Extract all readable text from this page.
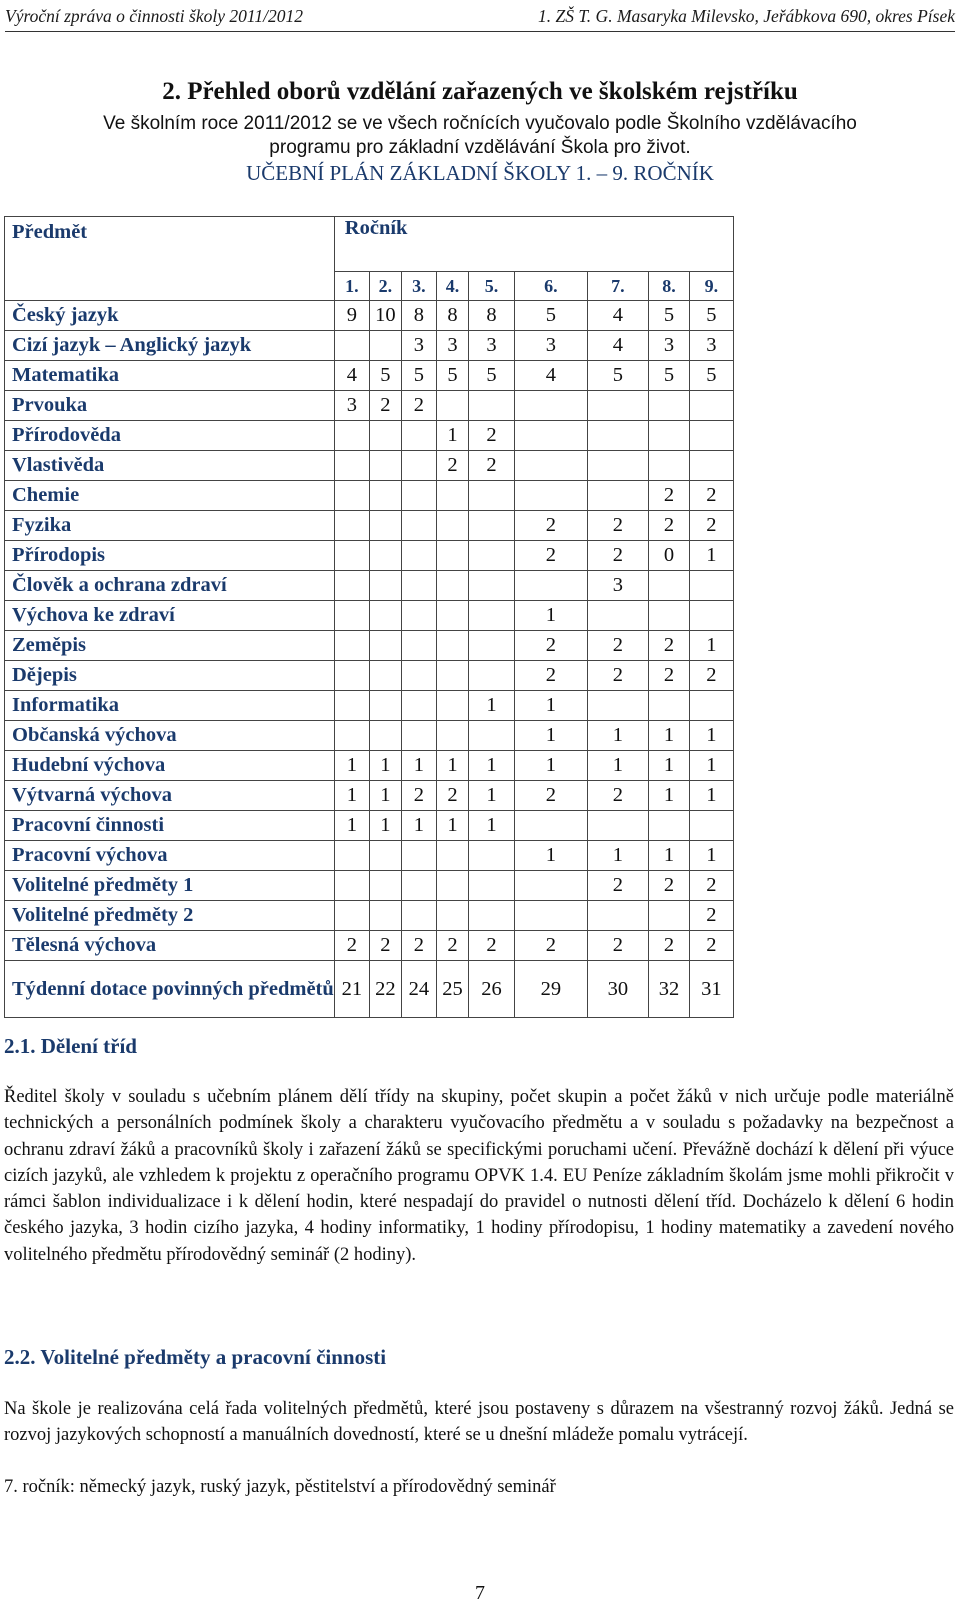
Výroční zpráva o činnosti školy 2011/2012	1. ZŠ T. G. Masaryka Milevsko, Jeřábkova 690, okres Písek
2. Přehled oborů vzdělání zařazených ve školském rejstříku
Ve školním roce 2011/2012 se ve všech ročnících vyučovalo podle Školního vzdělávacího programu pro základní vzdělávání Škola pro život.
UČEBNÍ PLÁN ZÁKLADNÍ ŠKOLY 1. – 9. ROČNÍK
Předmět	Ročník								
	1.	2.	3.	4.	5.	6.	7.	8.	9.
Český jazyk	9	10	8	8	8	5	4	5	5
Cizí jazyk – Anglický jazyk			3	3	3	3	4	3	3
Matematika	4	5	5	5	5	4	5	5	5
Prvouka	3	2	2						
Přírodověda				1	2				
Vlastivěda				2	2				
Chemie								2	2
Fyzika						2	2	2	2
Přírodopis						2	2	0	1
Člověk a ochrana zdraví							3		
Výchova ke zdraví						1			
Zeměpis						2	2	2	1
Dějepis						2	2	2	2
Informatika					1	1			
Občanská výchova						1	1	1	1
Hudební výchova	1	1	1	1	1	1	1	1	1
Výtvarná výchova	1	1	2	2	1	2	2	1	1
Pracovní činnosti	1	1	1	1	1				
Pracovní výchova						1	1	1	1
Volitelné předměty 1							2	2	2
Volitelné předměty 2									2
Tělesná výchova	2	2	2	2	2	2	2	2	2
Týdenní dotace povinných předmětů	21	22	24	25	26	29	30	32	31
2.1. Dělení tříd
Ředitel školy v souladu s učebním plánem dělí třídy na skupiny, počet skupin a počet žáků v nich určuje podle materiálně technických a personálních podmínek školy a charakteru vyučovacího předmětu a v souladu s požadavky na bezpečnost a ochranu zdraví žáků a pracovníků školy i zařazení žáků se specifickými poruchami učení. Převážně dochází k dělení při výuce cizích jazyků, ale vzhledem k projektu z operačního programu OPVK 1.4. EU Peníze základním školám jsme mohli přikročit v rámci šablon individualizace i k dělení hodin, které nespadají do pravidel o nutnosti dělení tříd. Docházelo k dělení 6 hodin českého jazyka, 3 hodin cizího jazyka, 4 hodiny informatiky, 1 hodiny přírodopisu, 1 hodiny matematiky a zavedení nového volitelného předmětu přírodovědný seminář (2 hodiny).
2.2. Volitelné předměty a pracovní činnosti
Na škole je realizována celá řada volitelných předmětů, které jsou postaveny s důrazem na všestranný rozvoj žáků. Jedná se rozvoj jazykových schopností a manuálních dovedností, které se u dnešní mládeže pomalu vytrácejí.
7. ročník: německý jazyk, ruský jazyk, pěstitelství a přírodovědný seminář
7
